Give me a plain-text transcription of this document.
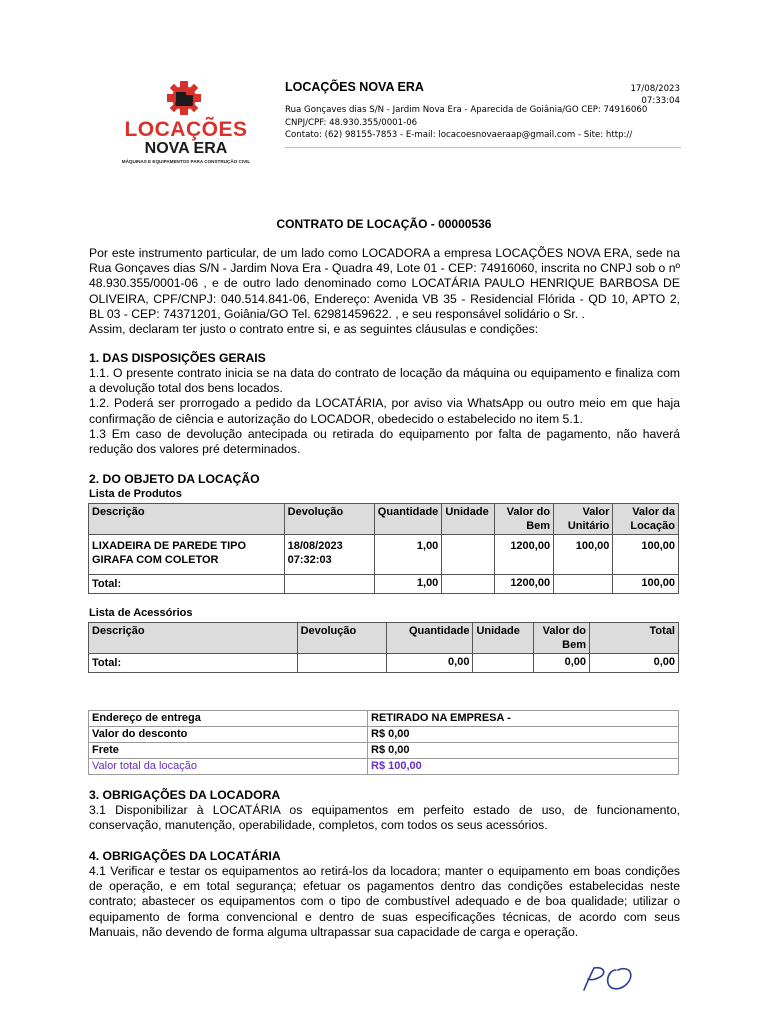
LOCAÇÕES
NOVA ERA
MÁQUINAS E EQUIPAMENTOS PARA CONSTRUÇÃO CIVIL
LOCAÇÕES NOVA ERA
Rua Gonçaves dias S/N - Jardim Nova Era - Aparecida de Goiânia/GO CEP: 74916060
CNPJ/CPF: 48.930.355/0001-06
Contato: (62) 98155-7853 - E-mail: locacoesnovaeraap@gmail.com - Site: http://
17/08/2023
07:33:04
CONTRATO DE LOCAÇÃO - 00000536

Por este instrumento particular, de um lado como LOCADORA a empresa LOCAÇÕES NOVA ERA, sede na Rua Gonçaves dias S/N - Jardim Nova Era - Quadra 49, Lote 01 - CEP: 74916060, inscrita no CNPJ sob o nº 48.930.355/0001-06 , e de outro lado denominado como LOCATÁRIA PAULO HENRIQUE BARBOSA DE OLIVEIRA, CPF/CNPJ: 040.514.841-06, Endereço: Avenida VB 35 - Residencial Flórida - QD 10, APTO 2, BL 03 - CEP: 74371201, Goiânia/GO Tel. 62981459622. , e seu responsável solidário o Sr. .

Assim, declaram ter justo o contrato entre si, e as seguintes cláusulas e condições:

1. DAS DISPOSIÇÕES GERAIS

1.1. O presente contrato inicia se na data do contrato de locação da máquina ou equipamento e finaliza com a devolução total dos bens locados.

1.2. Poderá ser prorrogado a pedido da LOCATÁRIA, por aviso via WhatsApp ou outro meio em que haja confirmação de ciência e autorização do LOCADOR, obedecido o estabelecido no item 5.1.

1.3 Em caso de devolução antecipada ou retirada do equipamento por falta de pagamento, não haverá redução dos valores pré determinados.

2. DO OBJETO DA LOCAÇÃO
Lista de Produtos
Descrição	Devolução	Quantidade	Unidade	Valor do Bem	Valor Unitário	Valor da Locação
LIXADEIRA DE PAREDE TIPO GIRAFA COM COLETOR	18/08/2023
07:32:03	1,00		1200,00	100,00	100,00
Total:		1,00		1200,00		100,00
Lista de Acessórios
Descrição	Devolução	Quantidade	Unidade	Valor do Bem	Total
Total:		0,00		0,00	0,00
Endereço de entrega	RETIRADO NA EMPRESA -
Valor do desconto	R$ 0,00
Frete	R$ 0,00
Valor total da locação	R$ 100,00
3. OBRIGAÇÕES DA LOCADORA

3.1 Disponibilizar à LOCATÁRIA os equipamentos em perfeito estado de uso, de funcionamento, conservação, manutenção, operabilidade, completos, com todos os seus acessórios.

4. OBRIGAÇÕES DA LOCATÁRIA

4.1 Verificar e testar os equipamentos ao retirá-los da locadora; manter o equipamento em boas condições de operação, e em total segurança; efetuar os pagamentos dentro das condições estabelecidas neste contrato; abastecer os equipamentos com o tipo de combustível adequado e de boa qualidade; utilizar o equipamento de forma convencional e dentro de suas especificações técnicas, de acordo com seus Manuais, não devendo de forma alguma ultrapassar sua capacidade de carga e operação.
